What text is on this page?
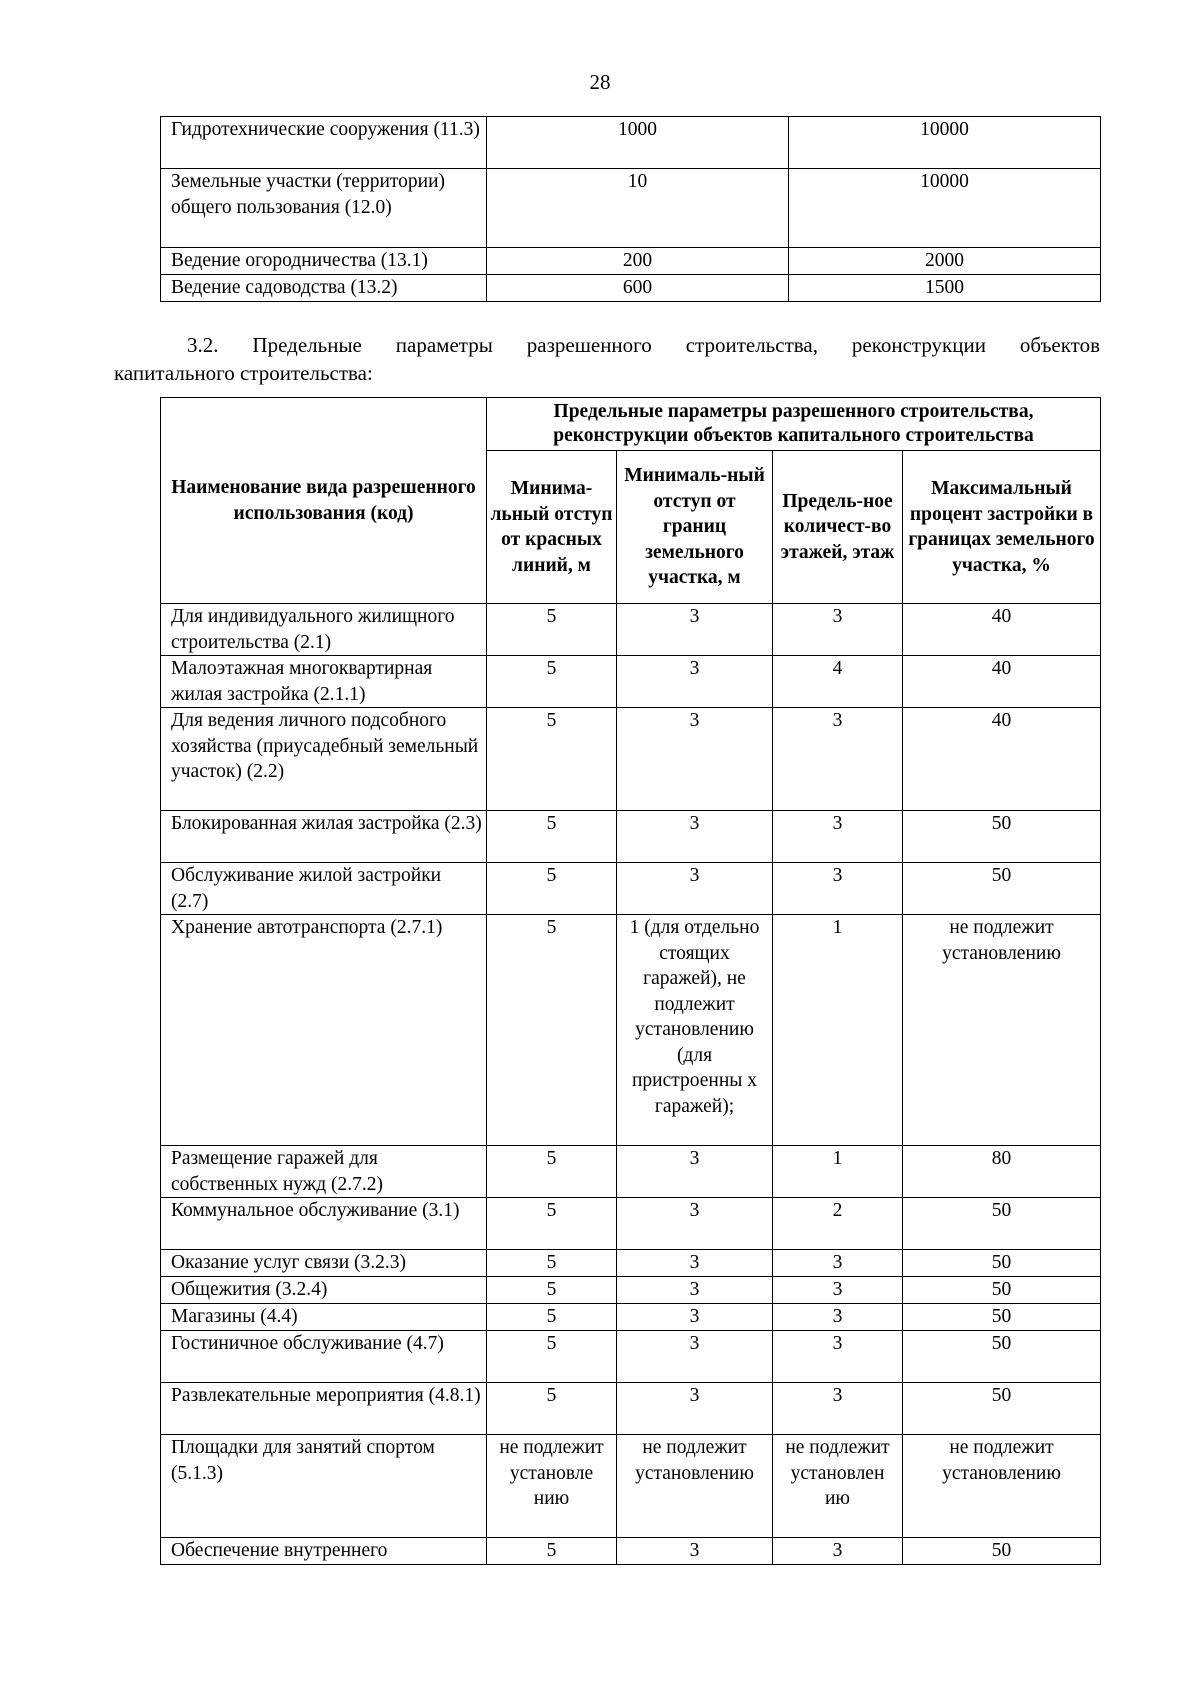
28
Гидротехнические сооружения (11.3)	1000	10000
Земельные участки (территории) общего пользования (12.0)	10	10000
Ведение огородничества (13.1)	200	2000
Ведение садоводства (13.2)	600	1500
3.2. Предельные параметры разрешенного строительства, реконструкции объектов
капитального строительства:
Наименование вида разрешенного использования (код)	Предельные параметры разрешенного строительства, реконструкции объектов капитального строительства			
	Минима-льный отступ от красных линий, м	Минималь-ный отступ от границ земельного участка, м	Предель-ное количест-во этажей, этаж	Максимальный процент застройки в границах земельного участка, %
Для индивидуального жилищного строительства (2.1)	5	3	3	40
Малоэтажная многоквартирная жилая застройка (2.1.1)	5	3	4	40
Для ведения личного подсобного хозяйства (приусадебный земельный участок) (2.2)	5	3	3	40
Блокированная жилая застройка (2.3)	5	3	3	50
Обслуживание жилой застройки (2.7)	5	3	3	50
Хранение автотранспорта (2.7.1)	5	1 (для отдельно стоящих гаражей), не подлежит установлению (для пристроенны х гаражей);	1	не подлежит установлению
Размещение гаражей для собственных нужд (2.7.2)	5	3	1	80
Коммунальное обслуживание (3.1)	5	3	2	50
Оказание услуг связи (3.2.3)	5	3	3	50
Общежития (3.2.4)	5	3	3	50
Магазины (4.4)	5	3	3	50
Гостиничное обслуживание (4.7)	5	3	3	50
Развлекательные мероприятия (4.8.1)	5	3	3	50
Площадки для занятий спортом (5.1.3)	не подлежит установле нию	не подлежит установлению	не подлежит установлен ию	не подлежит установлению
Обеспечение внутреннего	5	3	3	50
